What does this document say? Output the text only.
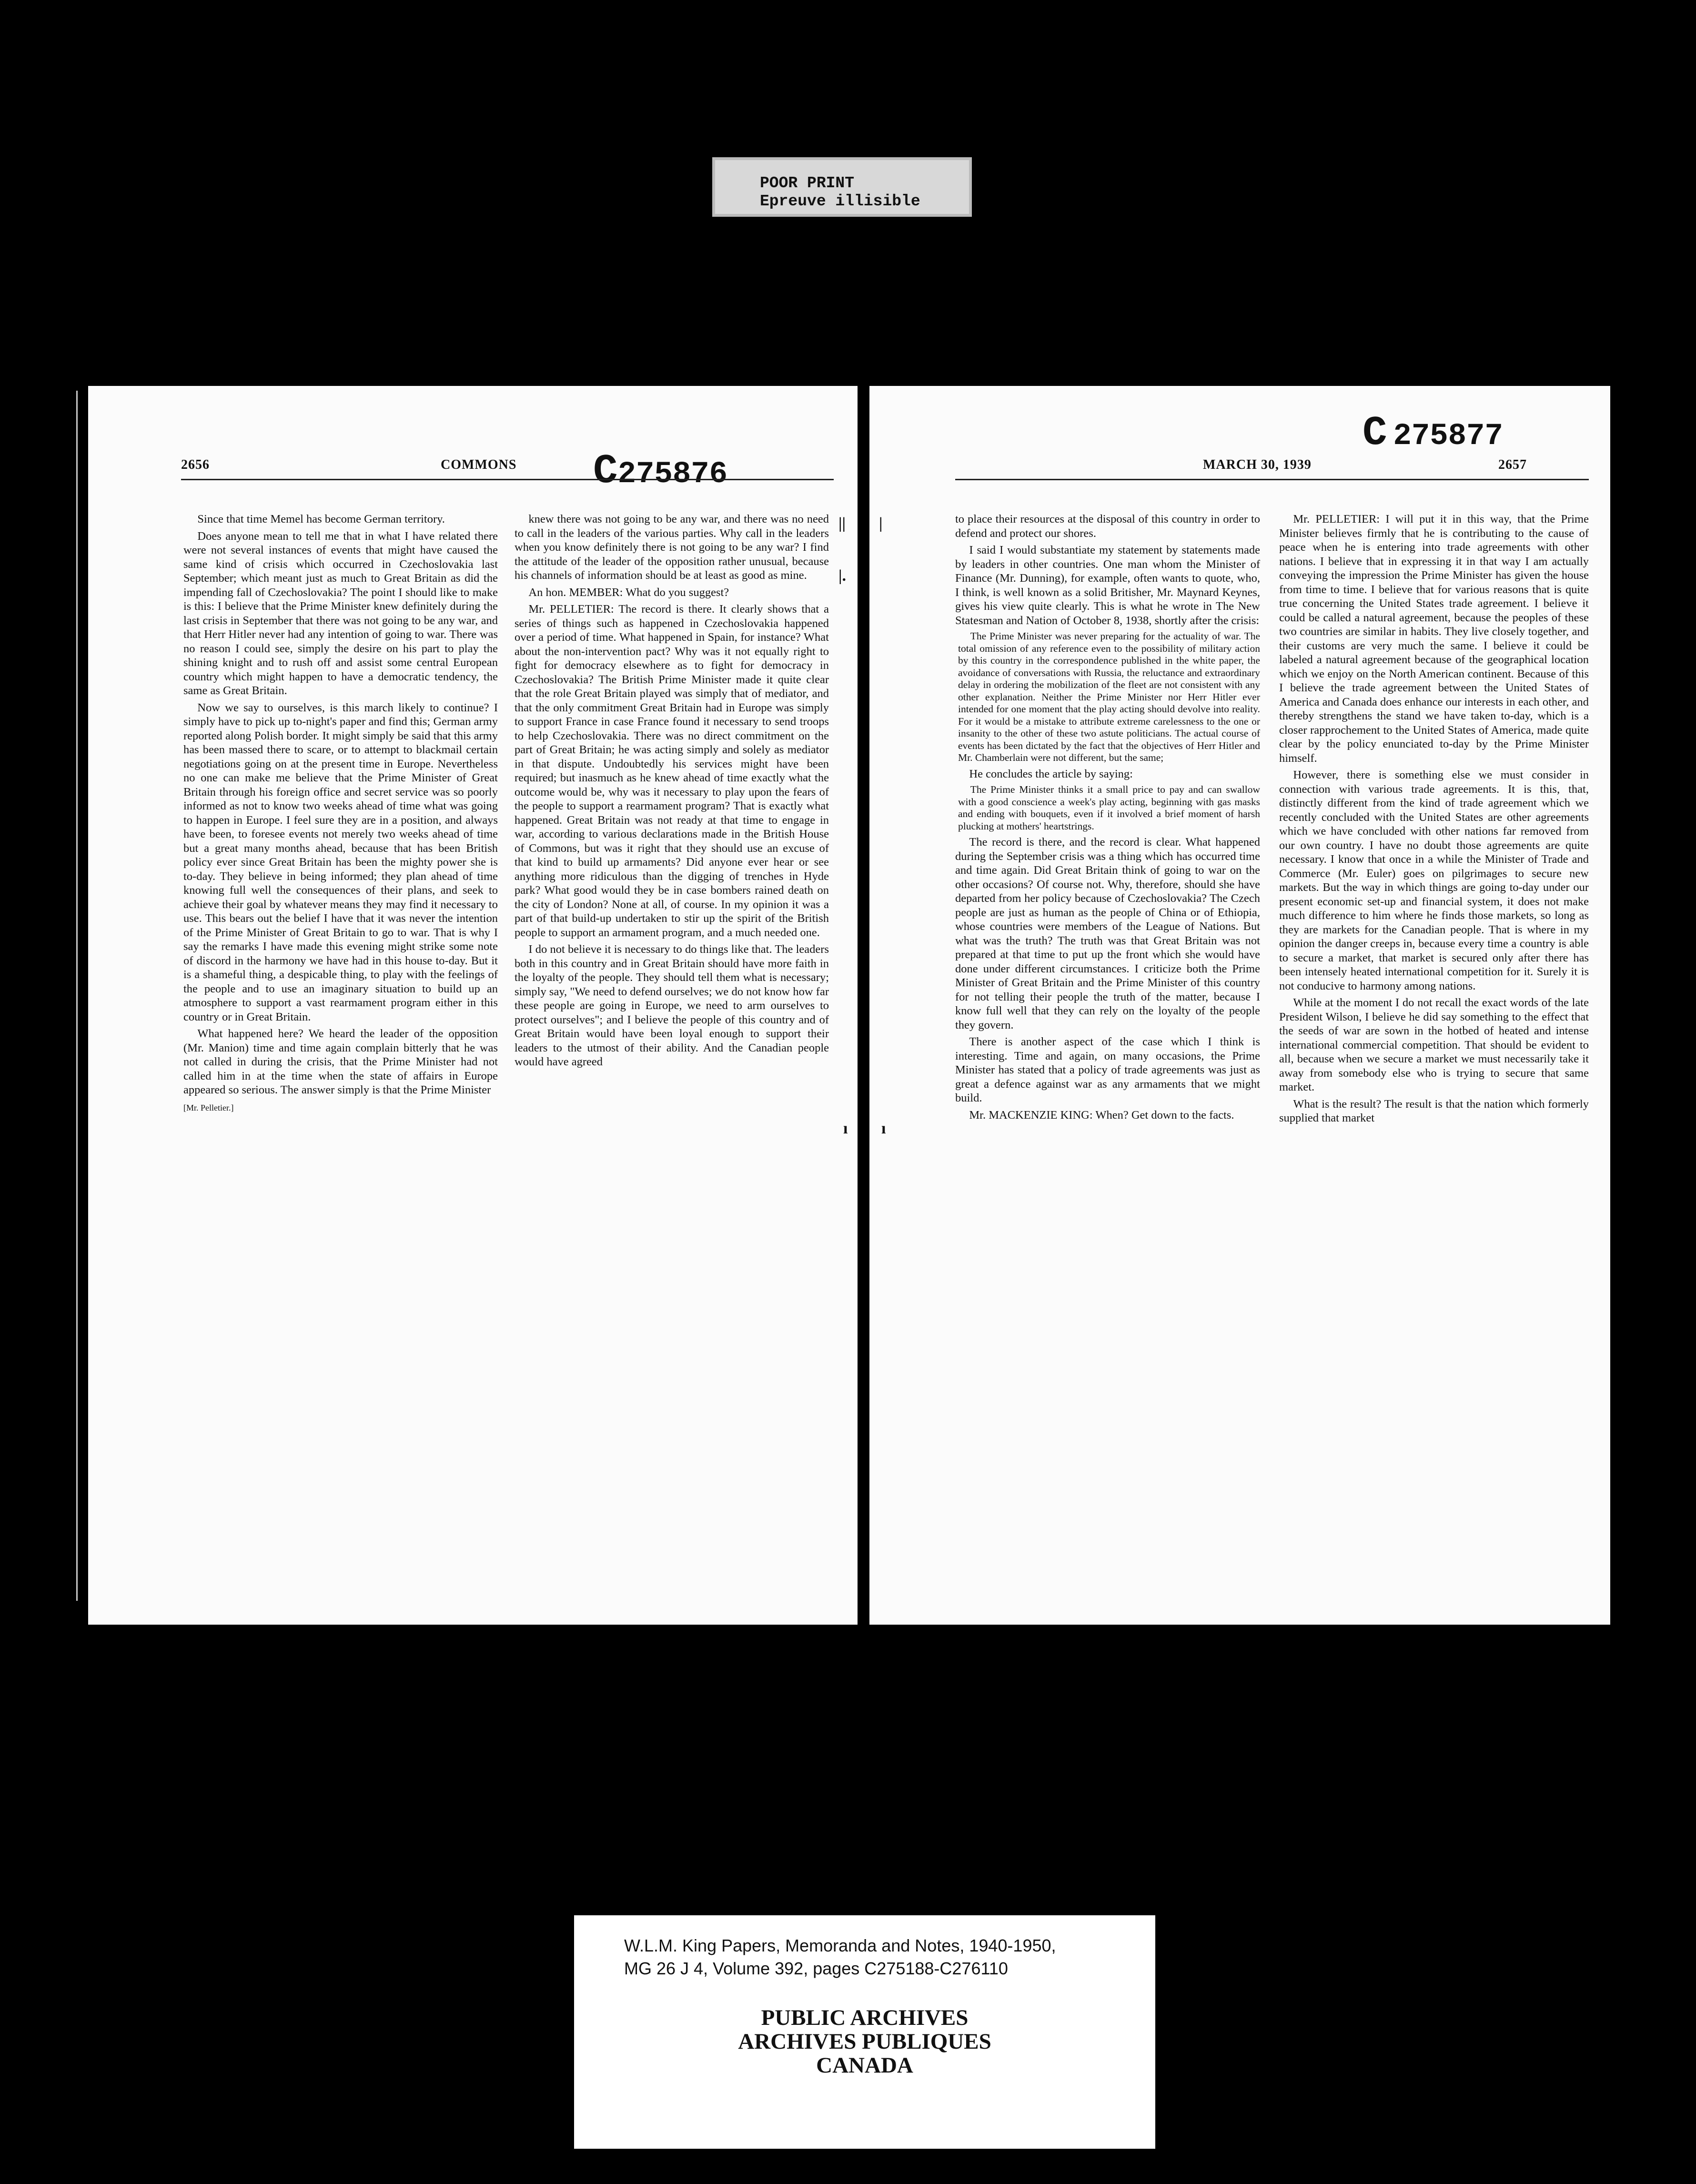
POOR PRINT
Epreuve illisible

2656	COMMONS C275876

Since that time Memel has become German territory.

Does anyone mean to tell me that in what I have related there were not several instances of events that might have caused the same kind of crisis which occurred in Czechoslovakia last September; which meant just as much to Great Britain as did the impending fall of Czechoslovakia? The point I should like to make is this: I believe that the Prime Minister knew definitely during the last crisis in September that there was not going to be any war, and that Herr Hitler never had any intention of going to war. There was no reason I could see, simply the desire on his part to play the shining knight and to rush off and assist some central European country which might happen to have a democratic tendency, the same as Great Britain.

Now we say to ourselves, is this march likely to continue? I simply have to pick up to-night's paper and find this; German army reported along Polish border. It might simply be said that this army has been massed there to scare, or to attempt to blackmail certain negotiations going on at the present time in Europe. Nevertheless no one can make me believe that the Prime Minister of Great Britain through his foreign office and secret service was so poorly informed as not to know two weeks ahead of time what was going to happen in Europe. I feel sure they are in a position, and always have been, to foresee events not merely two weeks ahead of time but a great many months ahead, because that has been British policy ever since Great Britain has been the mighty power she is to-day. They believe in being informed; they plan ahead of time knowing full well the consequences of their plans, and seek to achieve their goal by whatever means they may find it necessary to use. This bears out the belief I have that it was never the intention of the Prime Minister of Great Britain to go to war. That is why I say the remarks I have made this evening might strike some note of discord in the harmony we have had in this house to-day. But it is a shameful thing, a despicable thing, to play with the feelings of the people and to use an imaginary situation to build up an atmosphere to support a vast rearmament program either in this country or in Great Britain.

What happened here? We heard the leader of the opposition (Mr. Manion) time and time again complain bitterly that he was not called in during the crisis, that the Prime Minister had not called him in at the time when the state of affairs in Europe appeared so serious. The answer simply is that the Prime Minister

[Mr. Pelletier.]

knew there was not going to be any war, and there was no need to call in the leaders of the various parties. Why call in the leaders when you know definitely there is not going to be any war? I find the attitude of the leader of the opposition rather unusual, because his channels of information should be at least as good as mine.

An hon. MEMBER: What do you suggest?

Mr. PELLETIER: The record is there. It clearly shows that a series of things such as happened in Czechoslovakia happened over a period of time. What happened in Spain, for instance? What about the non-intervention pact? Why was it not equally right to fight for democracy elsewhere as to fight for democracy in Czechoslovakia? The British Prime Minister made it quite clear that the role Great Britain played was simply that of mediator, and that the only commitment Great Britain had in Europe was simply to support France in case France found it necessary to send troops to help Czechoslovakia. There was no direct commitment on the part of Great Britain; he was acting simply and solely as mediator in that dispute. Undoubtedly his services might have been required; but inasmuch as he knew ahead of time exactly what the outcome would be, why was it necessary to play upon the fears of the people to support a rearmament program? That is exactly what happened. Great Britain was not ready at that time to engage in war, according to various declarations made in the British House of Commons, but was it right that they should use an excuse of that kind to build up armaments? Did anyone ever hear or see anything more ridiculous than the digging of trenches in Hyde park? What good would they be in case bombers rained death on the city of London? None at all, of course. In my opinion it was a part of that build-up undertaken to stir up the spirit of the British people to support an armament program, and a much needed one.

I do not believe it is necessary to do things like that. The leaders both in this country and in Great Britain should have more faith in the loyalty of the people. They should tell them what is necessary; simply say, "We need to defend ourselves; we do not know how far these people are going in Europe, we need to arm ourselves to protect ourselves"; and I believe the people of this country and of Great Britain would have been loyal enough to support their leaders to the utmost of their ability. And the Canadian people would have agreed

C  275877
MARCH 30, 1939	2657

to place their resources at the disposal of this country in order to defend and protect our shores.

I said I would substantiate my statement by statements made by leaders in other countries. One man whom the Minister of Finance (Mr. Dunning), for example, often wants to quote, who, I think, is well known as a solid Britisher, Mr. Maynard Keynes, gives his view quite clearly. This is what he wrote in The New Statesman and Nation of October 8, 1938, shortly after the crisis:

The Prime Minister was never preparing for the actuality of war. The total omission of any reference even to the possibility of military action by this country in the correspondence published in the white paper, the avoidance of conversations with Russia, the reluctance and extraordinary delay in ordering the mobilization of the fleet are not consistent with any other explanation. Neither the Prime Minister nor Herr Hitler ever intended for one moment that the play acting should devolve into reality. For it would be a mistake to attribute extreme carelessness to the one or insanity to the other of these two astute politicians. The actual course of events has been dictated by the fact that the objectives of Herr Hitler and Mr. Chamberlain were not different, but the same;

He concludes the article by saying:

The Prime Minister thinks it a small price to pay and can swallow with a good conscience a week's play acting, beginning with gas masks and ending with bouquets, even if it involved a brief moment of harsh plucking at mothers' heartstrings.

The record is there, and the record is clear. What happened during the September crisis was a thing which has occurred time and time again. Did Great Britain think of going to war on the other occasions? Of course not. Why, therefore, should she have departed from her policy because of Czechoslovakia? The Czech people are just as human as the people of China or of Ethiopia, whose countries were members of the League of Nations. But what was the truth? The truth was that Great Britain was not prepared at that time to put up the front which she would have done under different circumstances. I criticize both the Prime Minister of Great Britain and the Prime Minister of this country for not telling their people the truth of the matter, because I know full well that they can rely on the loyalty of the people they govern.

There is another aspect of the case which I think is interesting. Time and again, on many occasions, the Prime Minister has stated that a policy of trade agreements was just as great a defence against war as any armaments that we might build.

Mr. MACKENZIE KING: When? Get down to the facts.

Mr. PELLETIER: I will put it in this way, that the Prime Minister believes firmly that he is contributing to the cause of peace when he is entering into trade agreements with other nations. I believe that in expressing it in that way I am actually conveying the impression the Prime Minister has given the house from time to time. I believe that for various reasons that is quite true concerning the United States trade agreement. I believe it could be called a natural agreement, because the peoples of these two countries are similar in habits. They live closely together, and their customs are very much the same. I believe it could be labeled a natural agreement because of the geographical location which we enjoy on the North American continent. Because of this I believe the trade agreement between the United States of America and Canada does enhance our interests in each other, and thereby strengthens the stand we have taken to-day, which is a closer rapprochement to the United States of America, made quite clear by the policy enunciated to-day by the Prime Minister himself.

However, there is something else we must consider in connection with various trade agreements. It is this, that, distinctly different from the kind of trade agreement which we recently concluded with the United States are other agreements which we have concluded with other nations far removed from our own country. I have no doubt those agreements are quite necessary. I know that once in a while the Minister of Trade and Commerce (Mr. Euler) goes on pilgrimages to secure new markets. But the way in which things are going to-day under our present economic set-up and financial system, it does not make much difference to him where he finds those markets, so long as they are markets for the Canadian people. That is where in my opinion the danger creeps in, because every time a country is able to secure a market, that market is secured only after there has been intensely heated international competition for it. Surely it is not conducive to harmony among nations.

While at the moment I do not recall the exact words of the late President Wilson, I believe he did say something to the effect that the seeds of war are sown in the hotbed of heated and intense international commercial competition. That should be evident to all, because when we secure a market we must necessarily take it away from somebody else who is trying to secure that same market.

What is the result? The result is that the nation which formerly supplied that market

|| |
|.
ı ı
W.L.M. King Papers, Memoranda and Notes, 1940-1950,
MG 26 J 4, Volume 392, pages C275188-C276110
PUBLIC ARCHIVES
ARCHIVES PUBLIQUES
CANADA
